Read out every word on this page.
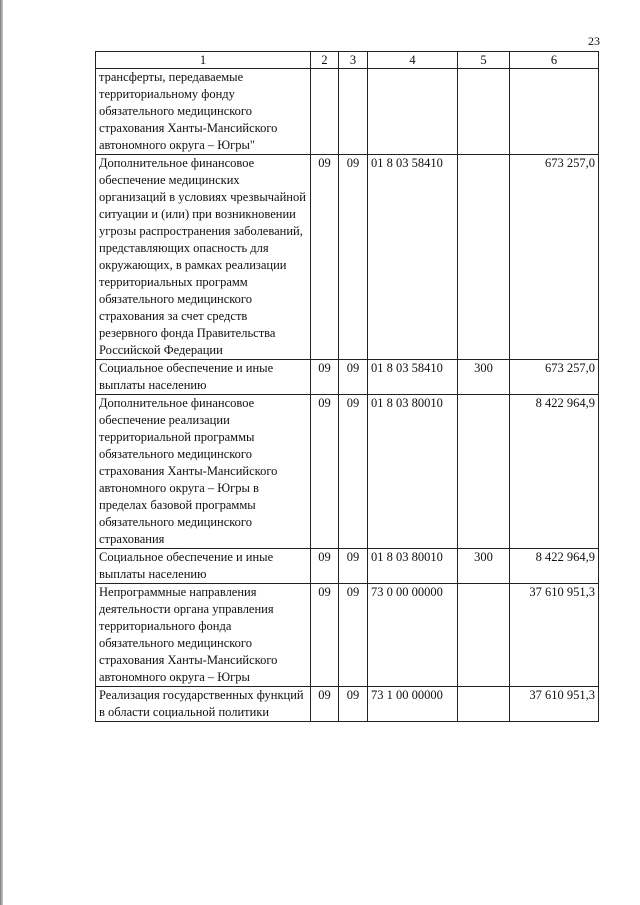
23
1	2	3	4	5	6
трансферты, передаваемые территориальному фонду обязательного медицинского страхования Ханты-Мансийского автономного округа – Югры"					
Дополнительное финансовое обеспечение медицинских организаций в условиях чрезвычайной ситуации и (или) при возникновении угрозы распространения заболеваний, представляющих опасность для окружающих, в рамках реализации территориальных программ обязательного медицинского страхования за счет средств резервного фонда Правительства Российской Федерации	09	09	01 8 03 58410		673 257,0
Социальное обеспечение и иные выплаты населению	09	09	01 8 03 58410	300	673 257,0
Дополнительное финансовое обеспечение реализации территориальной программы обязательного медицинского страхования Ханты-Мансийского автономного округа – Югры в пределах базовой программы обязательного медицинского страхования	09	09	01 8 03 80010		8 422 964,9
Социальное обеспечение и иные выплаты населению	09	09	01 8 03 80010	300	8 422 964,9
Непрограммные направления деятельности органа управления территориального фонда обязательного медицинского страхования Ханты-Мансийского автономного округа – Югры	09	09	73 0 00 00000		37 610 951,3
Реализация государственных функций в области социальной политики	09	09	73 1 00 00000		37 610 951,3
